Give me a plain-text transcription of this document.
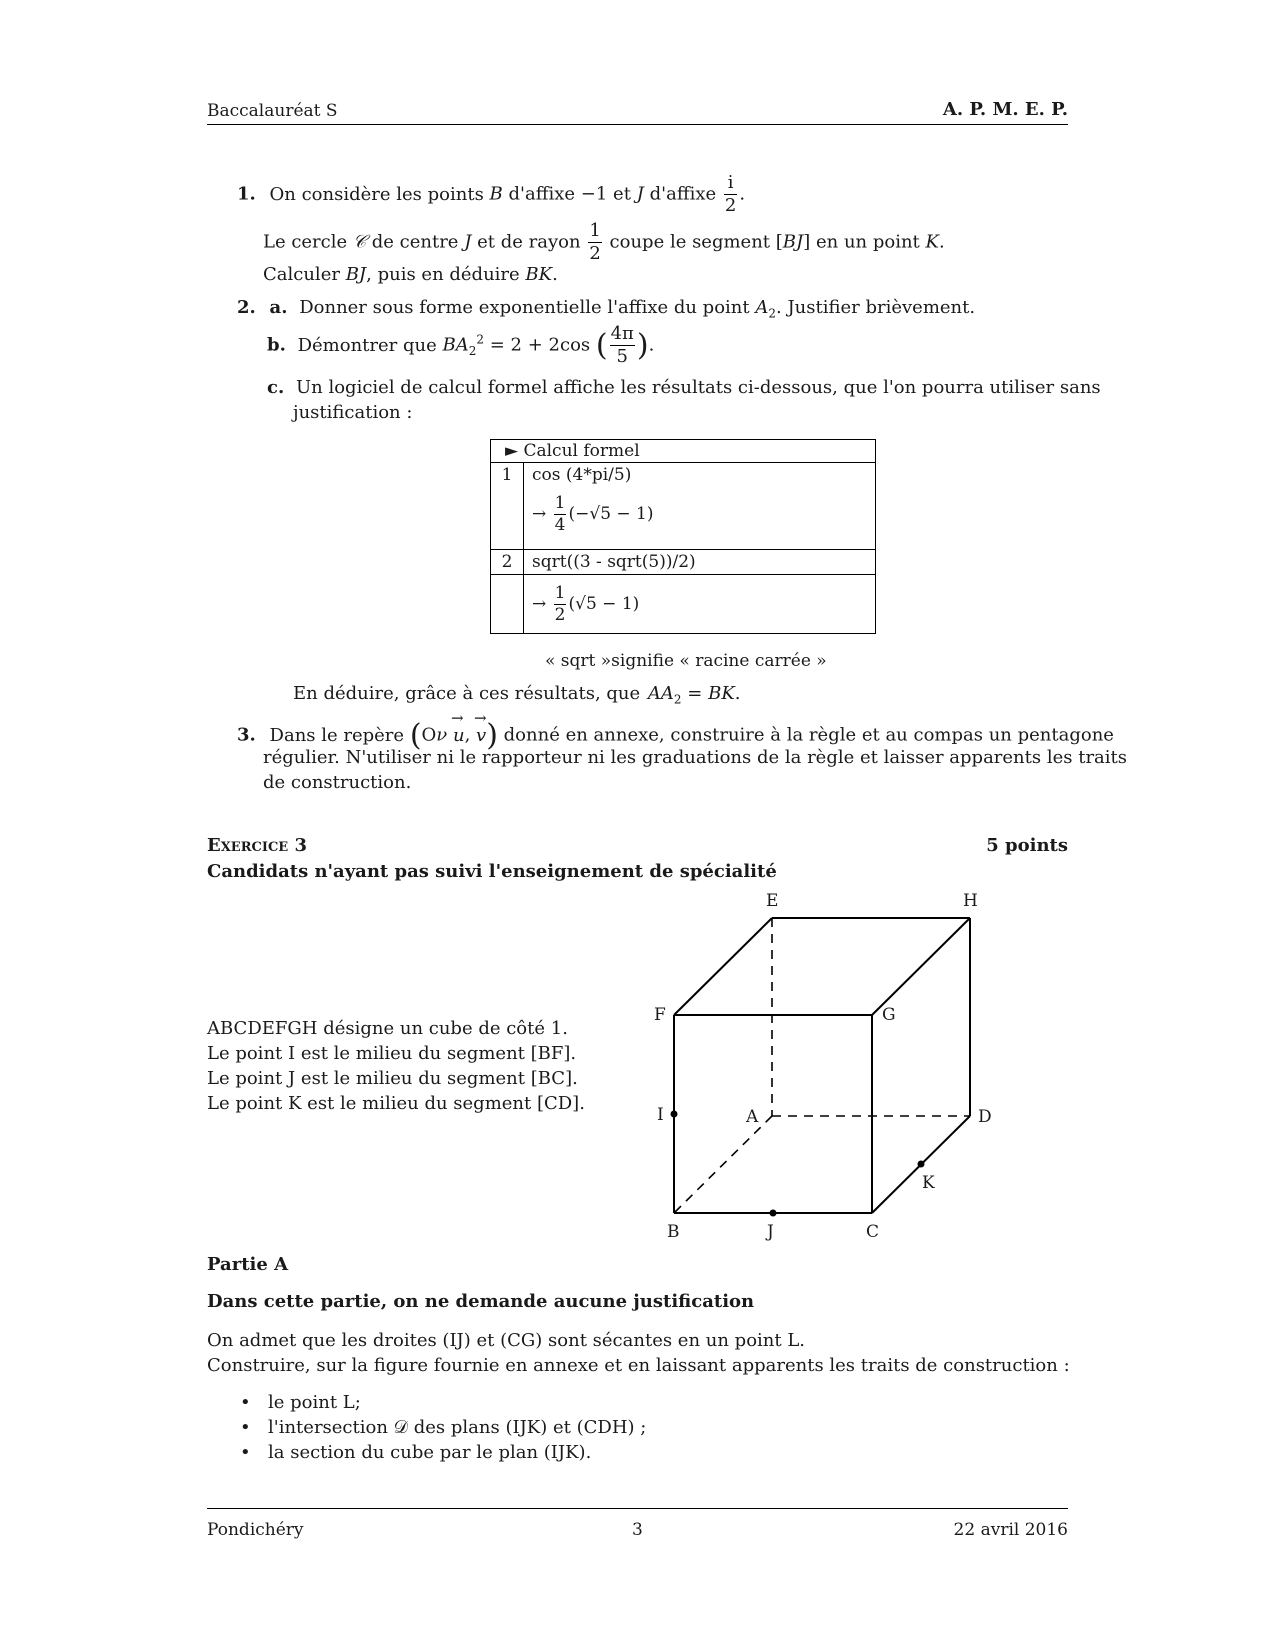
Baccalauréat S	A. P. M. E. P.
1. On considère les points B d'affixe −1 et J d'affixe $\frac{i}{2}$ .
Le cercle 𝒞 de centre J et de rayon $\frac{1}{2}$ coupe le segment [BJ] en un point K.
Calculer BJ, puis en déduire BK.
2. a. Donner sous forme exponentielle l'affixe du point $A_2$. Justifier brièvement.
b. Démontrer que $BA_2^2 = 2 + 2\cos$ ( $\frac{4\pi}{5}$ ).
c. Un logiciel de calcul formel affiche les résultats ci-dessous, que l'on pourra utiliser sans
justification :
► Calcul formel	
1	cos (4*pi/5)
→ $\frac{1}{4} (-√5 - 1)$

2	sqrt((3 - sqrt(5))/2)
	→ $\frac{1}{2} (√5 - 1)$
« sqrt »signifie « racine carrée »
En déduire, grâce à ces résultats, que $AA_2$ = BK.
3. Dans le repère (Oν → u, → v) donné en annexe, construire à la règle et au compas un pentagone
régulier. N'utiliser ni le rapporteur ni les graduations de la règle et laisser apparents les traits
de construction.
Exercice 3	5 points
Candidats n'ayant pas suivi l'enseignement de spécialité
ABCDEFGH désigne un cube de côté 1.
Le point I est le milieu du segment [BF].
Le point J est le milieu du segment [BC].
Le point K est le milieu du segment [CD].
E	H
F	G
I	A	D
K
B	J	C
Partie A
Dans cette partie, on ne demande aucune justification
On admet que les droites (IJ) et (CG) sont sécantes en un point L.
Construire, sur la figure fournie en annexe et en laissant apparents les traits de construction :
• le point L;
• l'intersection 𝒟 des plans (IJK) et (CDH) ;
• la section du cube par le plan (IJK).
Pondichéry	3	22 avril 2016
